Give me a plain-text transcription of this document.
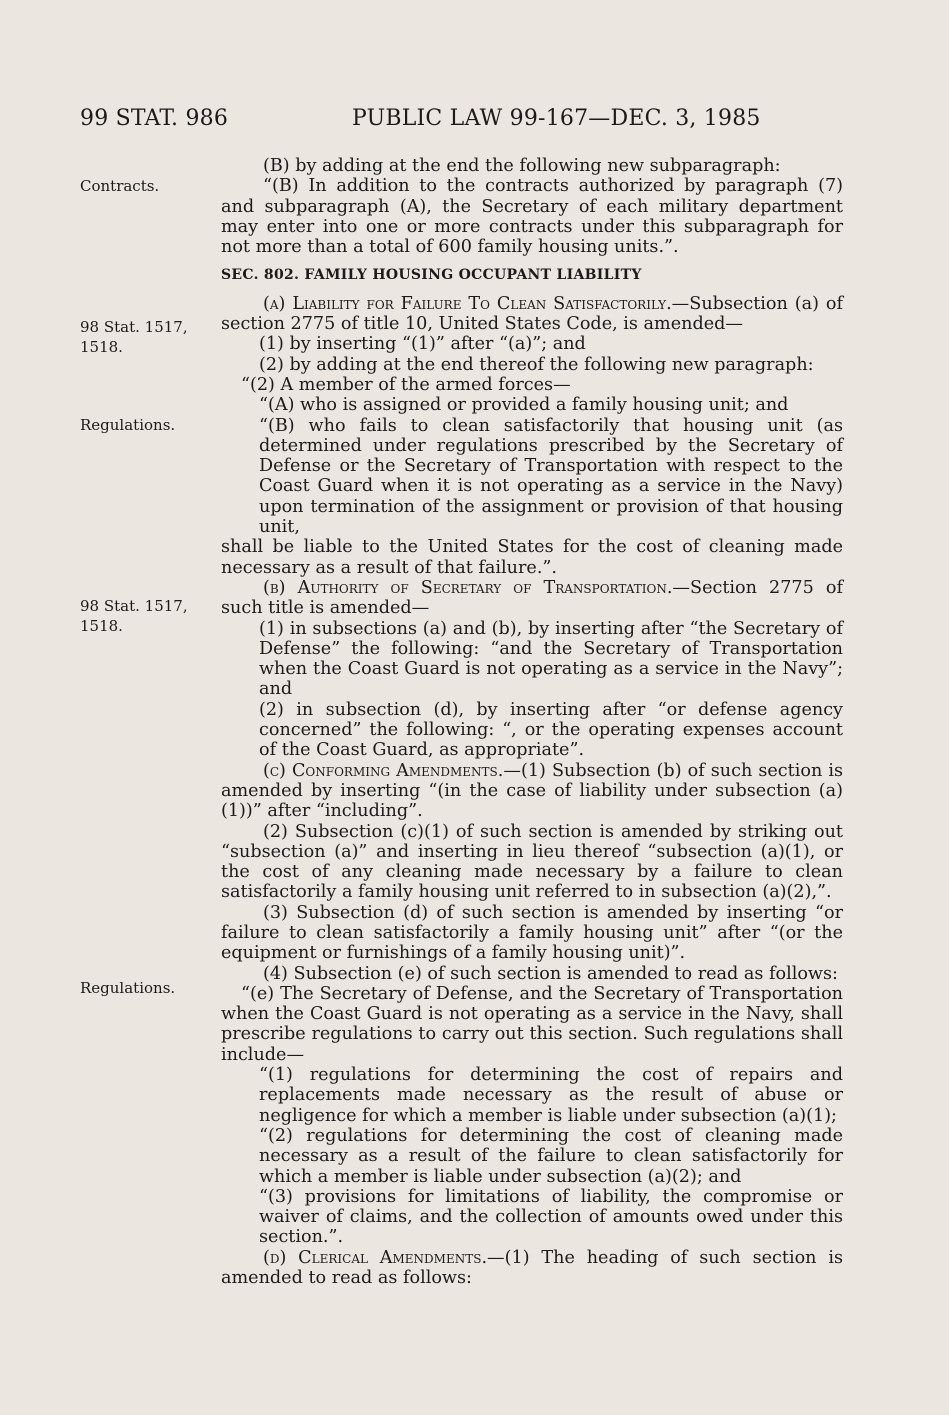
99 STAT. 986	PUBLIC LAW 99-167—DEC. 3, 1985
Contracts.
98 Stat. 1517,
1518.
Regulations.
98 Stat. 1517,
1518.
Regulations.

(B) by adding at the end the following new subparagraph:

“(B) In addition to the contracts authorized by paragraph (7) and subparagraph (A), the Secretary of each military department may enter into one or more contracts under this subparagraph for not more than a total of 600 family housing units.”.

SEC. 802. FAMILY HOUSING OCCUPANT LIABILITY

(a) Liability for Failure To Clean Satisfactorily.—Subsection (a) of section 2775 of title 10, United States Code, is amended—

(1) by inserting “(1)” after “(a)”; and

(2) by adding at the end thereof the following new paragraph:

“(2) A member of the armed forces—

“(A) who is assigned or provided a family housing unit; and

“(B) who fails to clean satisfactorily that housing unit (as determined under regulations prescribed by the Secretary of Defense or the Secretary of Transportation with respect to the Coast Guard when it is not operating as a service in the Navy) upon termination of the assignment or provision of that housing unit,

shall be liable to the United States for the cost of cleaning made necessary as a result of that failure.”.

(b) Authority of Secretary of Transportation.—Section 2775 of such title is amended—

(1) in subsections (a) and (b), by inserting after “the Secretary of Defense” the following: “and the Secretary of Transportation when the Coast Guard is not operating as a service in the Navy”; and

(2) in subsection (d), by inserting after “or defense agency concerned” the following: “, or the operating expenses account of the Coast Guard, as appropriate”.

(c) Conforming Amendments.—(1) Subsection (b) of such section is amended by inserting “(in the case of liability under subsection (a)(1))” after “including”.

(2) Subsection (c)(1) of such section is amended by striking out “subsection (a)” and inserting in lieu thereof “subsection (a)(1), or the cost of any cleaning made necessary by a failure to clean satisfactorily a family housing unit referred to in subsection (a)(2),”.

(3) Subsection (d) of such section is amended by inserting “or failure to clean satisfactorily a family housing unit” after “(or the equipment or furnishings of a family housing unit)”.

(4) Subsection (e) of such section is amended to read as follows:

“(e) The Secretary of Defense, and the Secretary of Transportation when the Coast Guard is not operating as a service in the Navy, shall prescribe regulations to carry out this section. Such regulations shall include—

“(1) regulations for determining the cost of repairs and replacements made necessary as the result of abuse or negligence for which a member is liable under subsection (a)(1);

“(2) regulations for determining the cost of cleaning made necessary as a result of the failure to clean satisfactorily for which a member is liable under subsection (a)(2); and

“(3) provisions for limitations of liability, the compromise or waiver of claims, and the collection of amounts owed under this section.”.

(d) Clerical Amendments.—(1) The heading of such section is amended to read as follows:
